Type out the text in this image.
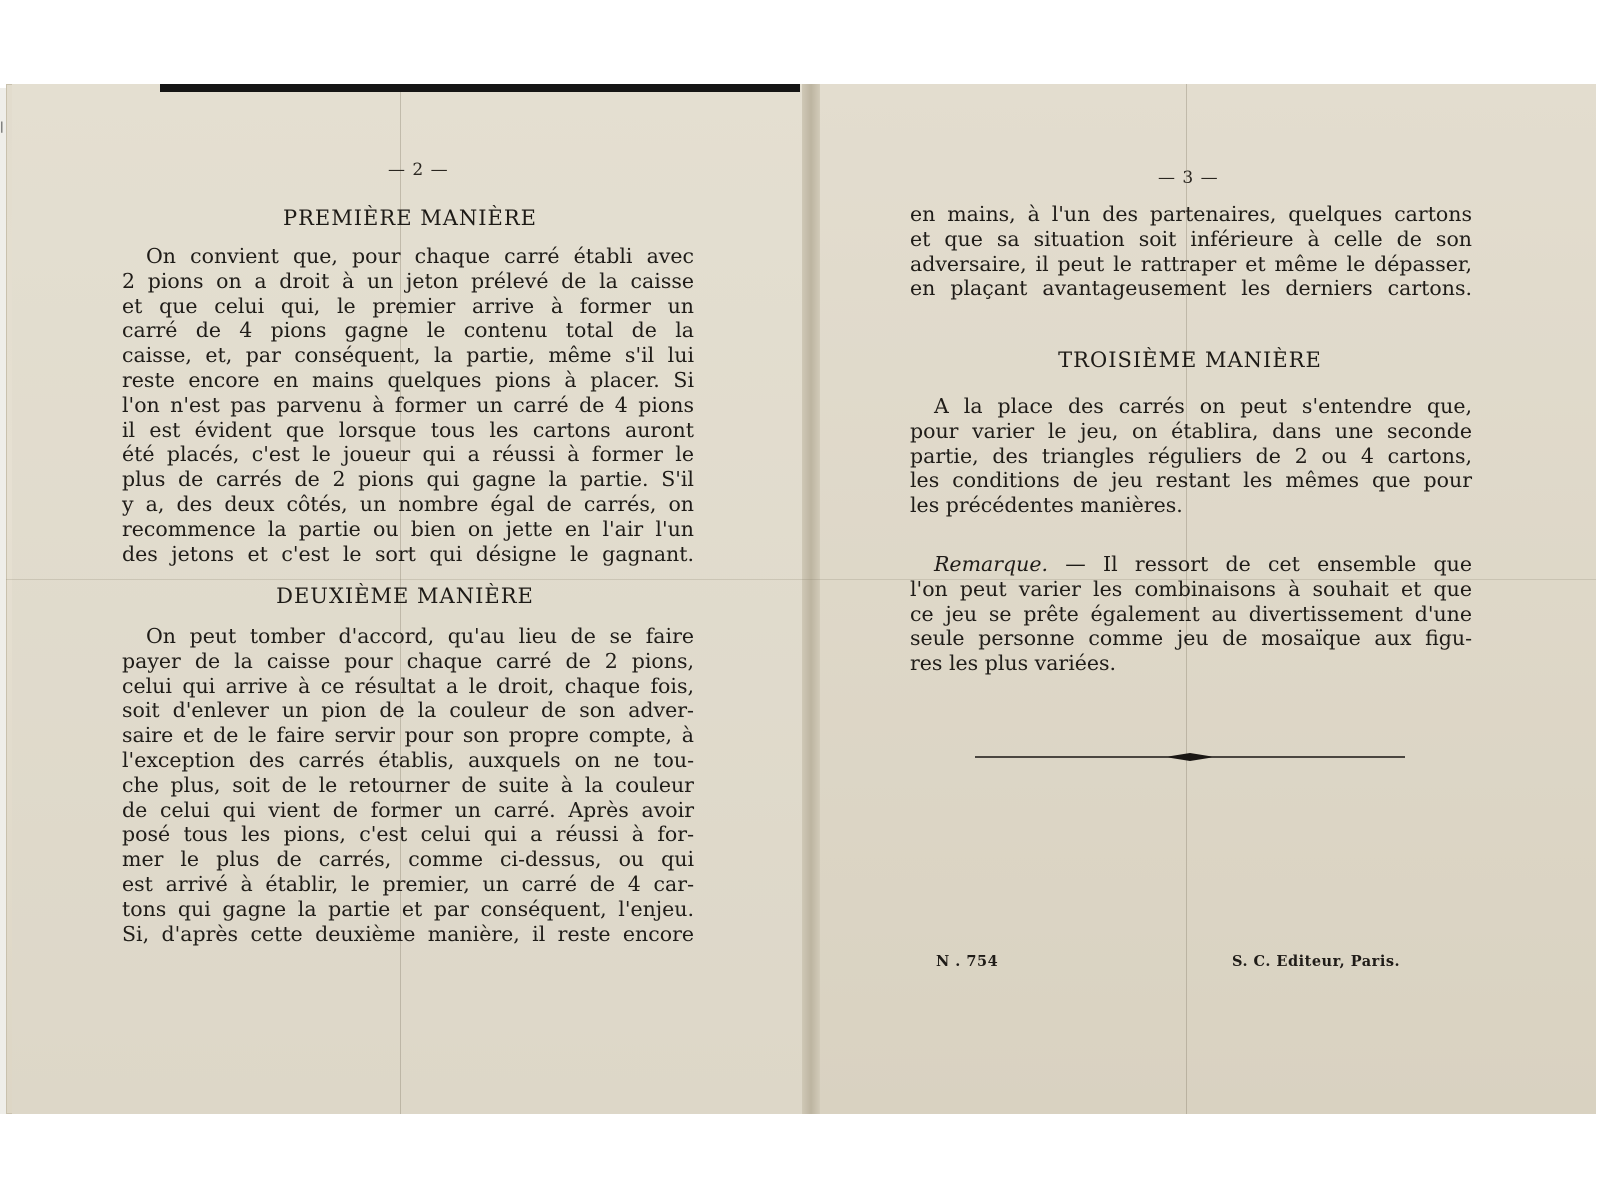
|
— 2 —
PREMIÈRE MANIÈRE
On convient que, pour chaque carré établi avec
2 pions on a droit à un jeton prélevé de la caisse
et que celui qui, le premier arrive à former un
carré de 4 pions gagne le contenu total de la
caisse, et, par conséquent, la partie, même s'il lui
reste encore en mains quelques pions à placer. Si
l'on n'est pas parvenu à former un carré de 4 pions
il est évident que lorsque tous les cartons auront
été placés, c'est le joueur qui a réussi à former le
plus de carrés de 2 pions qui gagne la partie. S'il
y a, des deux côtés, un nombre égal de carrés, on
recommence la partie ou bien on jette en l'air l'un
des jetons et c'est le sort qui désigne le gagnant.
DEUXIÈME MANIÈRE
On peut tomber d'accord, qu'au lieu de se faire
payer de la caisse pour chaque carré de 2 pions,
celui qui arrive à ce résultat a le droit, chaque fois,
soit d'enlever un pion de la couleur de son adver-
saire et de le faire servir pour son propre compte, à
l'exception des carrés établis, auxquels on ne tou-
che plus, soit de le retourner de suite à la couleur
de celui qui vient de former un carré. Après avoir
posé tous les pions, c'est celui qui a réussi à for-
mer le plus de carrés, comme ci-dessus, ou qui
est arrivé à établir, le premier, un carré de 4 car-
tons qui gagne la partie et par conséquent, l'enjeu.
Si, d'après cette deuxième manière, il reste encore
— 3 —
en mains, à l'un des partenaires, quelques cartons
et que sa situation soit inférieure à celle de son
adversaire, il peut le rattraper et même le dépasser,
en plaçant avantageusement les derniers cartons.
TROISIÈME MANIÈRE
A la place des carrés on peut s'entendre que,
pour varier le jeu, on établira, dans une seconde
partie, des triangles réguliers de 2 ou 4 cartons,
les conditions de jeu restant les mêmes que pour
les précédentes manières.
Remarque. — Il ressort de cet ensemble que
l'on peut varier les combinaisons à souhait et que
ce jeu se prête également au divertissement d'une
seule personne comme jeu de mosaïque aux figu-
res les plus variées.
N . 754	S. C. Editeur, Paris.
